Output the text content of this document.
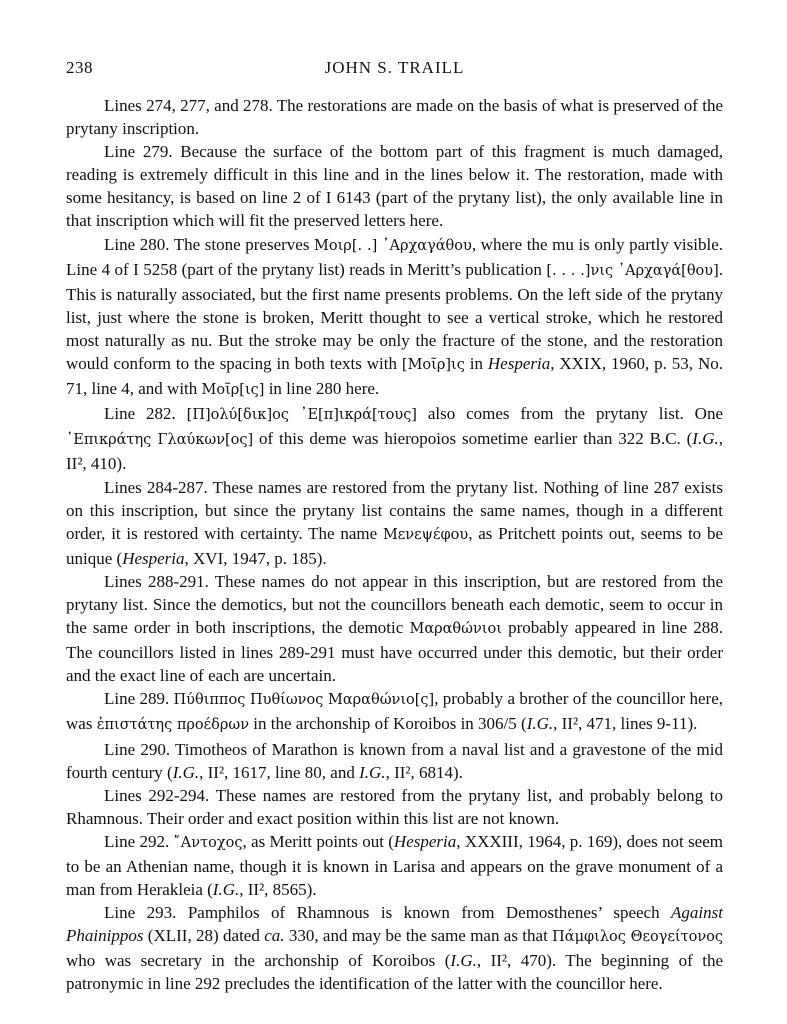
238	JOHN S. TRAILL

Lines 274, 277, and 278. The restorations are made on the basis of what is preserved of the prytany inscription.

Line 279. Because the surface of the bottom part of this fragment is much damaged, reading is extremely difficult in this line and in the lines below it. The restoration, made with some hesitancy, is based on line 2 of I 6143 (part of the prytany list), the only available line in that inscription which will fit the preserved letters here.

Line 280. The stone preserves Μοιρ[. .] ᾿Αρχαγάθου, where the mu is only partly visible. Line 4 of I 5258 (part of the prytany list) reads in Meritt’s publication [. . . .]νις ᾿Αρχαγά[θου]. This is naturally associated, but the first name presents problems. On the left side of the prytany list, just where the stone is broken, Meritt thought to see a vertical stroke, which he restored most naturally as nu. But the stroke may be only the fracture of the stone, and the restoration would conform to the spacing in both texts with [Μοῖρ]ις in Hesperia, XXIX, 1960, p. 53, No. 71, line 4, and with Μοῖρ[ις] in line 280 here.

Line 282. [Π]ολύ[δικ]ος ᾿Ε[π]ικρά[τους] also comes from the prytany list. One ᾿Επικράτης Γλαύκων[ος] of this deme was hieropoios sometime earlier than 322 B.C. (I.G., II², 410).

Lines 284-287. These names are restored from the prytany list. Nothing of line 287 exists on this inscription, but since the prytany list contains the same names, though in a different order, it is restored with certainty. The name Μενεψέφου, as Pritchett points out, seems to be unique (Hesperia, XVI, 1947, p. 185).

Lines 288-291. These names do not appear in this inscription, but are restored from the prytany list. Since the demotics, but not the councillors beneath each demotic, seem to occur in the same order in both inscriptions, the demotic Μαραθώνιοι probably appeared in line 288. The councillors listed in lines 289-291 must have occurred under this demotic, but their order and the exact line of each are uncertain.

Line 289. Πύθιππος Πυθίωνος Μαραθώνιο[ς], probably a brother of the councillor here, was ἐπιστάτης προέδρων in the archonship of Koroibos in 306/5 (I.G., II², 471, lines 9-11).

Line 290. Timotheos of Marathon is known from a naval list and a gravestone of the mid fourth century (I.G., II², 1617, line 80, and I.G., II², 6814).

Lines 292-294. These names are restored from the prytany list, and probably belong to Rhamnous. Their order and exact position within this list are not known.

Line 292. ῎Αντοχος, as Meritt points out (Hesperia, XXXIII, 1964, p. 169), does not seem to be an Athenian name, though it is known in Larisa and appears on the grave monument of a man from Herakleia (I.G., II², 8565).

Line 293. Pamphilos of Rhamnous is known from Demosthenes’ speech Against Phainippos (XLII, 28) dated ca. 330, and may be the same man as that Πάμφιλος Θεογείτονος who was secretary in the archonship of Koroibos (I.G., II², 470). The beginning of the patronymic in line 292 precludes the identification of the latter with the councillor here.
